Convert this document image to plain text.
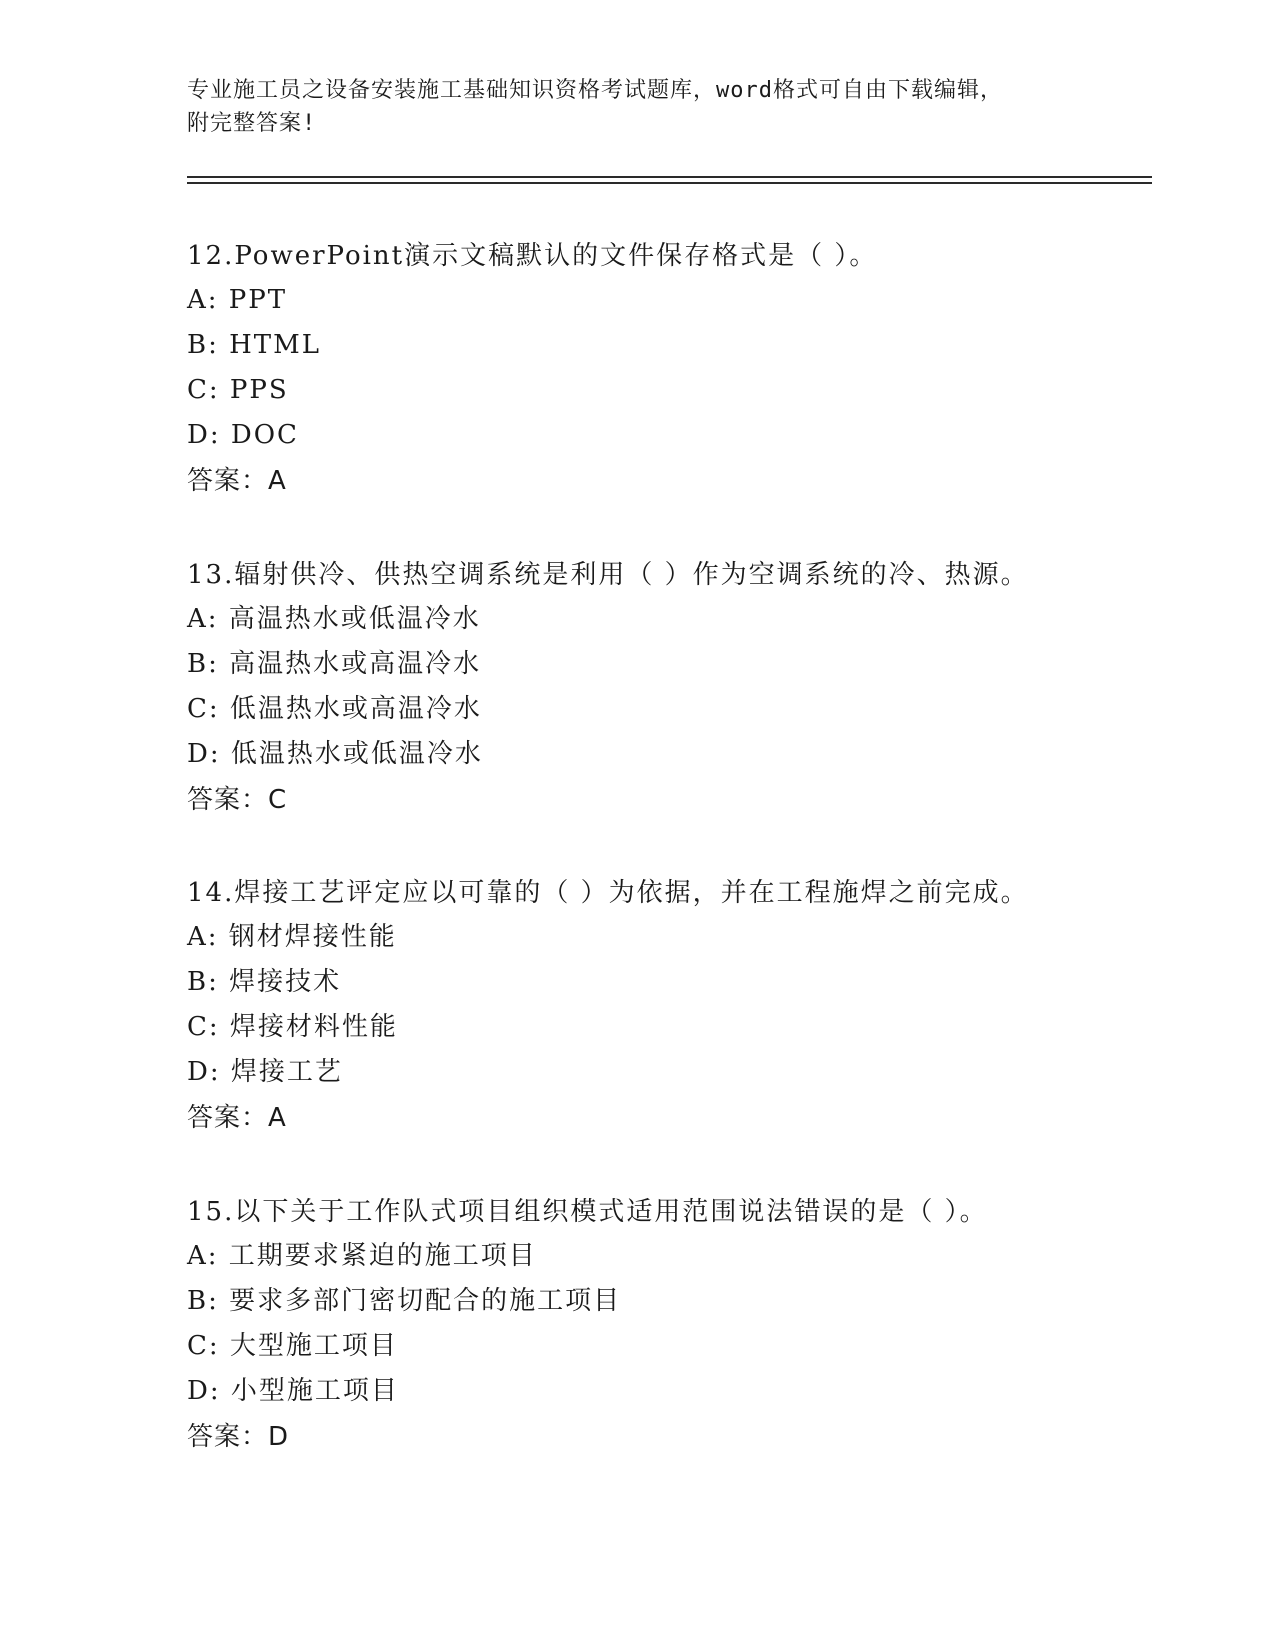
专业施工员之设备安装施工基础知识资格考试题库，word格式可自由下载编辑，
附完整答案!
12.PowerPoint演示文稿默认的文件保存格式是（ ）。
A: PPT
B: HTML
C: PPS
D: DOC
答案：A
13.辐射供冷、供热空调系统是利用（ ）作为空调系统的冷、热源。
A: 高温热水或低温冷水
B: 高温热水或高温冷水
C: 低温热水或高温冷水
D: 低温热水或低温冷水
答案：C
14.焊接工艺评定应以可靠的（ ）为依据，并在工程施焊之前完成。
A: 钢材焊接性能
B: 焊接技术
C: 焊接材料性能
D: 焊接工艺
答案：A
15.以下关于工作队式项目组织模式适用范围说法错误的是（ ）。
A: 工期要求紧迫的施工项目
B: 要求多部门密切配合的施工项目
C: 大型施工项目
D: 小型施工项目
答案：D
